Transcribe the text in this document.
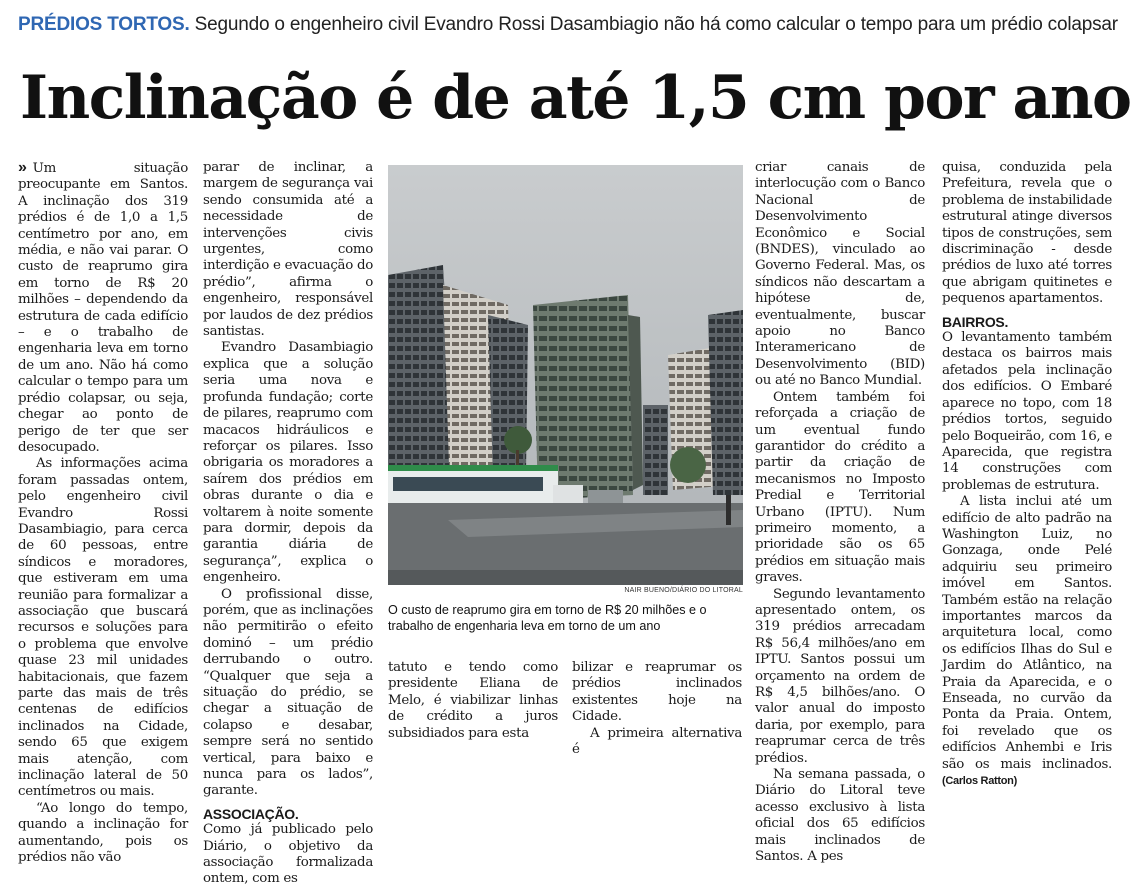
PRÉDIOS TORTOS. Segundo o engenheiro civil Evandro Rossi Dasambiagio não há como calcular o tempo para um prédio colapsar
Inclinação é de até 1,5 cm por ano

» Um situação preocupante em Santos. A inclinação dos 319 prédios é de 1,0 a 1,5 centímetro por ano, em média, e não vai parar. O custo de reaprumo gira em torno de R$ 20 milhões – dependendo da estrutura de cada edifício – e o trabalho de engenharia leva em torno de um ano. Não há como calcular o tempo para um prédio colapsar, ou seja, chegar ao ponto de perigo de ter que ser desocupado.

As informações acima foram passadas ontem, pelo engenheiro civil Evandro Rossi Dasambiagio, para cerca de 60 pessoas, entre síndicos e moradores, que estiveram em uma reunião para formalizar a associação que buscará recursos e soluções para o problema que envolve quase 23 mil unidades habitacionais, que fazem parte das mais de três centenas de edifícios inclinados na Cidade, sendo 65 que exigem mais atenção, com inclinação lateral de 50 centímetros ou mais.

“Ao longo do tempo, quando a inclinação for aumentando, pois os prédios não vão

parar de inclinar, a margem de segurança vai sendo consumida até a necessidade de intervenções civis urgentes, como interdição e evacuação do prédio”, afirma o engenheiro, responsável por laudos de dez prédios santistas.

Evandro Dasambiagio explica que a solução seria uma nova e profunda fundação; corte de pilares, reaprumo com macacos hidráulicos e reforçar os pilares. Isso obrigaria os moradores a saírem dos prédios em obras durante o dia e voltarem à noite somente para dormir, depois da garantia diária de segurança”, explica o engenheiro.

O profissional disse, porém, que as inclinações não permitirão o efeito dominó – um prédio derrubando o outro. “Qualquer que seja a situação do prédio, se chegar a situação de colapso e desabar, sempre será no sentido vertical, para baixo e nunca para os lados”, garante.

ASSOCIAÇÃO.

Como já publicado pelo Diário, o objetivo da associação formalizada ontem, com es

NAIR BUENO/DIÁRIO DO LITORAL
O custo de reaprumo gira em torno de R$ 20 milhões e o trabalho de engenharia leva em torno de um ano

tatuto e tendo como presidente Eliana de Melo, é viabilizar linhas de crédito a juros subsidiados para esta

bilizar e reaprumar os prédios inclinados existentes hoje na Cidade.

A primeira alternativa é

criar canais de interlocução com o Banco Nacional de Desenvolvimento Econômico e Social (BNDES), vinculado ao Governo Federal. Mas, os síndicos não descartam a hipótese de, eventualmente, buscar apoio no Banco Interamericano de Desenvolvimento (BID) ou até no Banco Mundial.

Ontem também foi reforçada a criação de um eventual fundo garantidor do crédito a partir da criação de mecanismos no Imposto Predial e Territorial Urbano (IPTU). Num primeiro momento, a prioridade são os 65 prédios em situação mais graves.

Segundo levantamento apresentado ontem, os 319 prédios arrecadam R$ 56,4 milhões/ano em IPTU. Santos possui um orçamento na ordem de R$ 4,5 bilhões/ano. O valor anual do imposto daria, por exemplo, para reaprumar cerca de três prédios.

Na semana passada, o Diário do Litoral teve acesso exclusivo à lista oficial dos 65 edifícios mais inclinados de Santos. A pes

quisa, conduzida pela Prefeitura, revela que o problema de instabilidade estrutural atinge diversos tipos de construções, sem discriminação - desde prédios de luxo até torres que abrigam quitinetes e pequenos apartamentos.

BAIRROS.

O levantamento também destaca os bairros mais afetados pela inclinação dos edifícios. O Embaré aparece no topo, com 18 prédios tortos, seguido pelo Boqueirão, com 16, e Aparecida, que registra 14 construções com problemas de estrutura.

A lista inclui até um edifício de alto padrão na Washington Luiz, no Gonzaga, onde Pelé adquiriu seu primeiro imóvel em Santos. Também estão na relação importantes marcos da arquitetura local, como os edifícios Ilhas do Sul e Jardim do Atlântico, na Praia da Aparecida, e o Enseada, no curvão da Ponta da Praia. Ontem, foi revelado que os edifícios Anhembi e Iris são os mais inclinados. (Carlos Ratton)
